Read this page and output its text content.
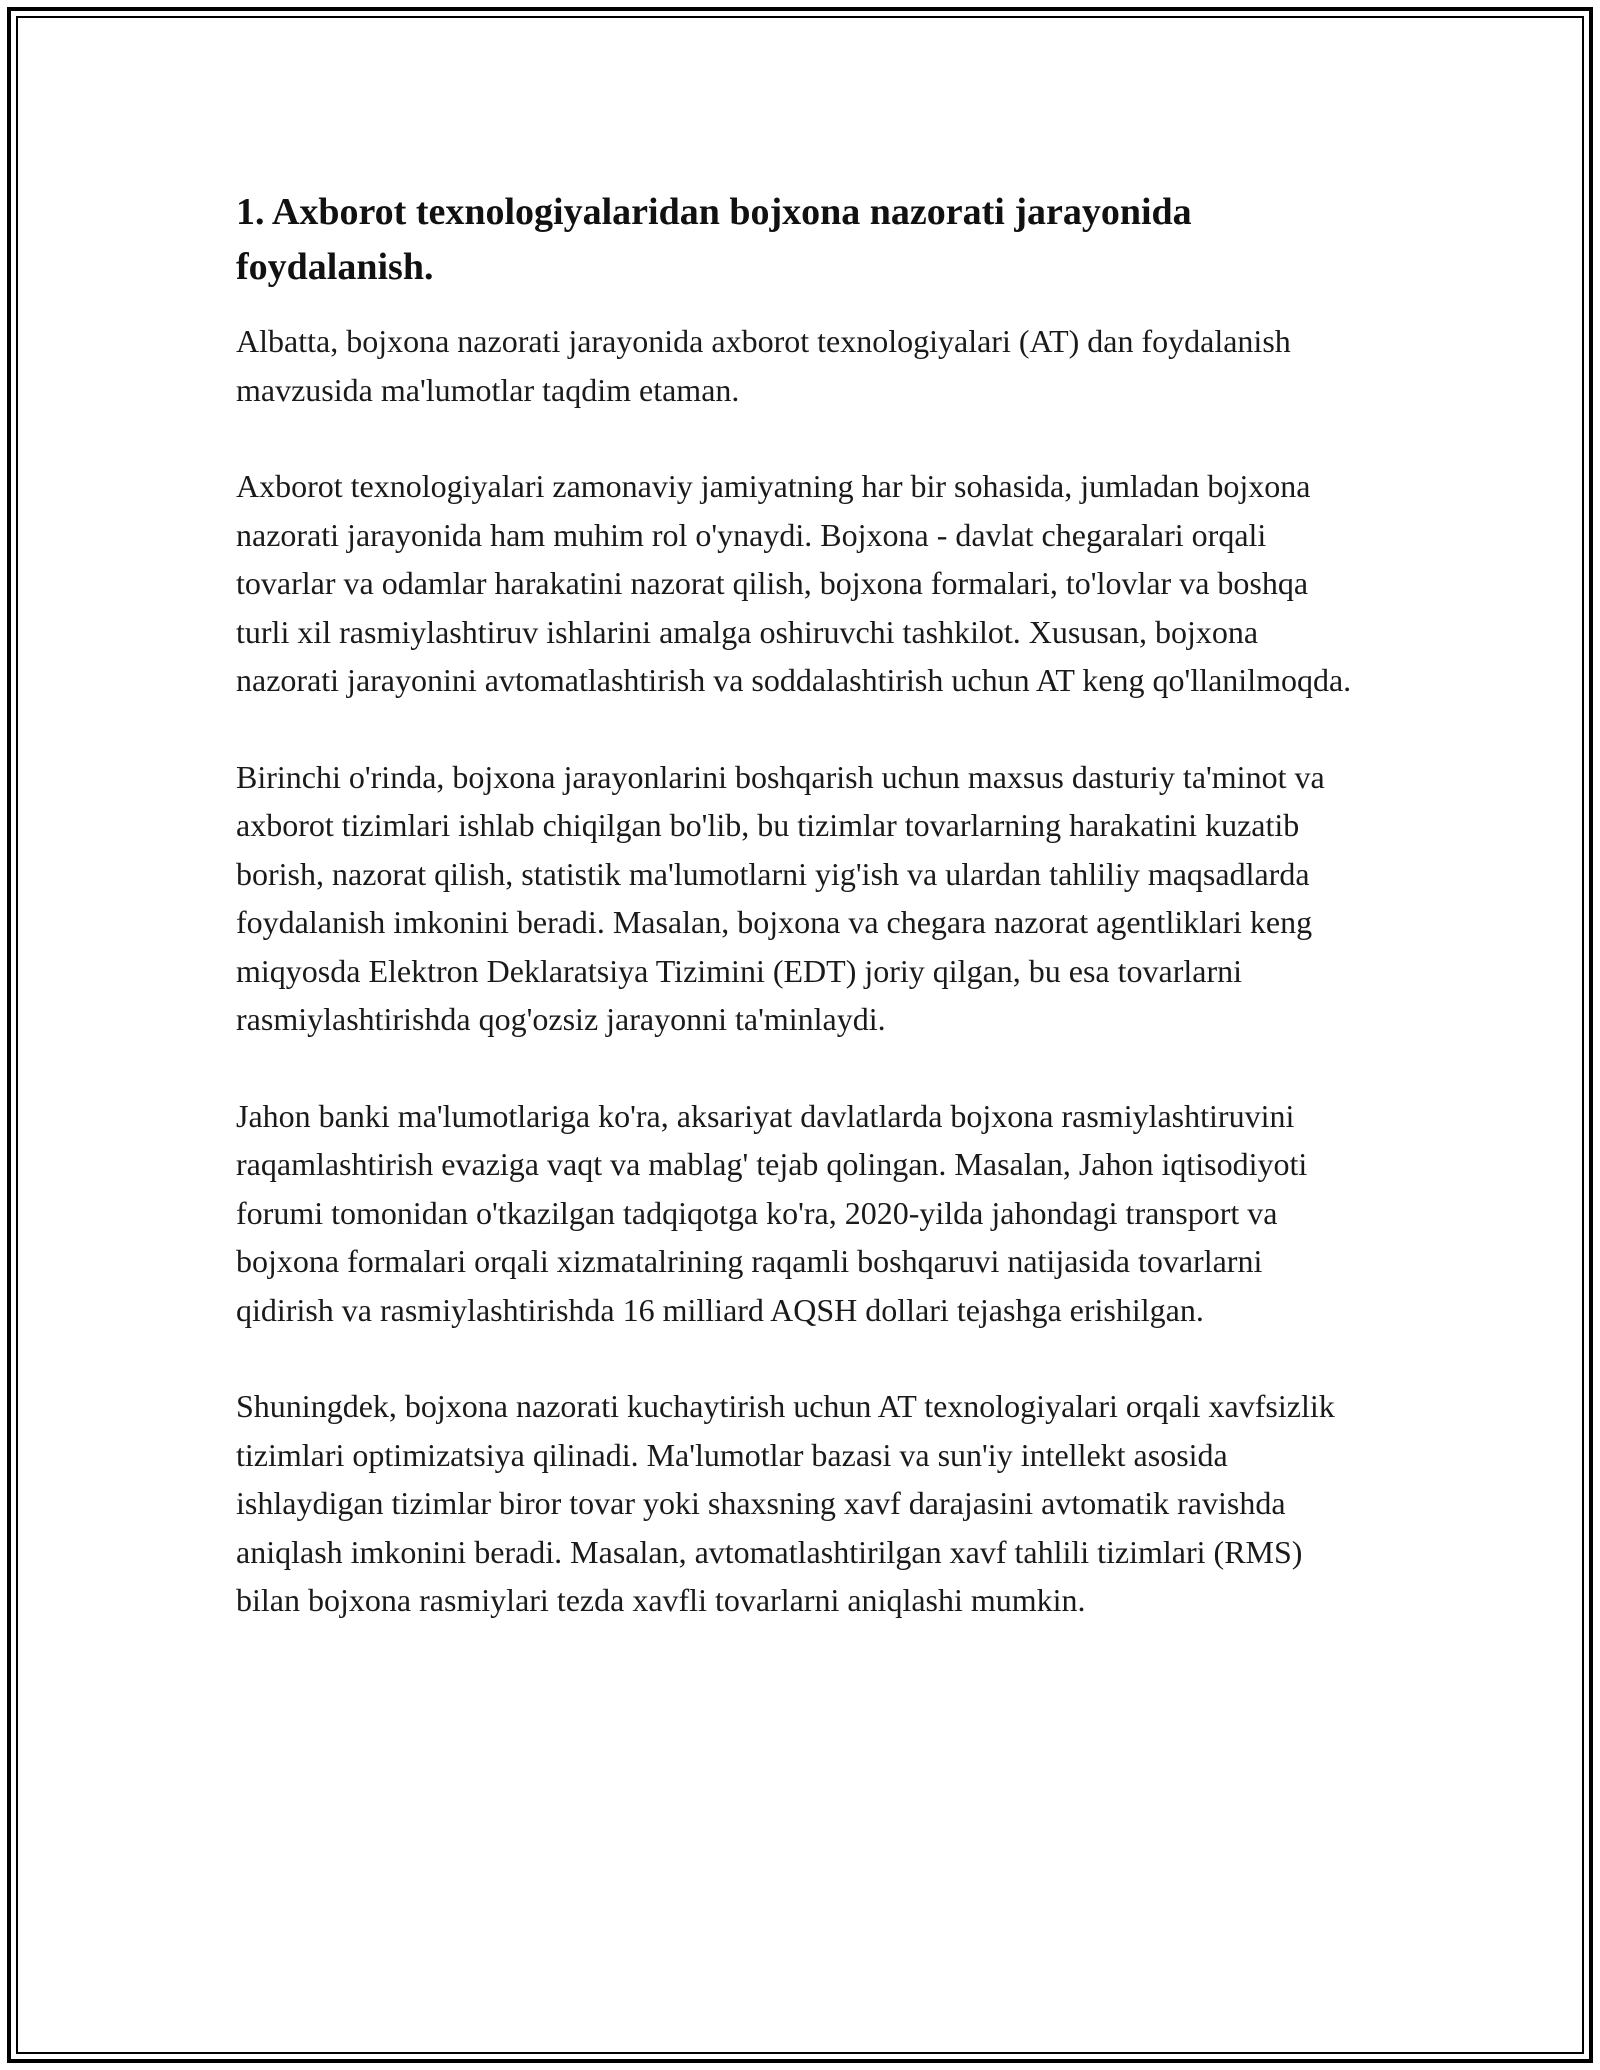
1. Axborot texnologiyalaridan bojxona nazorati jarayonida foydalanish.

Albatta, bojxona nazorati jarayonida axborot texnologiyalari (AT) dan foydalanish mavzusida ma'lumotlar taqdim etaman.

Axborot texnologiyalari zamonaviy jamiyatning har bir sohasida, jumladan bojxona nazorati jarayonida ham muhim rol o'ynaydi. Bojxona - davlat chegaralari orqali tovarlar va odamlar harakatini nazorat qilish, bojxona formalari, to'lovlar va boshqa turli xil rasmiylashtiruv ishlarini amalga oshiruvchi tashkilot. Xususan, bojxona nazorati jarayonini avtomatlashtirish va soddalashtirish uchun AT keng qo'llanilmoqda.

Birinchi o'rinda, bojxona jarayonlarini boshqarish uchun maxsus dasturiy ta'minot va axborot tizimlari ishlab chiqilgan bo'lib, bu tizimlar tovarlarning harakatini kuzatib borish, nazorat qilish, statistik ma'lumotlarni yig'ish va ulardan tahliliy maqsadlarda foydalanish imkonini beradi. Masalan, bojxona va chegara nazorat agentliklari keng miqyosda Elektron Deklaratsiya Tizimini (EDT) joriy qilgan, bu esa tovarlarni rasmiylashtirishda qog'ozsiz jarayonni ta'minlaydi.

Jahon banki ma'lumotlariga ko'ra, aksariyat davlatlarda bojxona rasmiylashtiruvini raqamlashtirish evaziga vaqt va mablag' tejab qolingan. Masalan, Jahon iqtisodiyoti forumi tomonidan o'tkazilgan tadqiqotga ko'ra, 2020-yilda jahondagi transport va bojxona formalari orqali xizmatalrining raqamli boshqaruvi natijasida tovarlarni qidirish va rasmiylashtirishda 16 milliard AQSH dollari tejashga erishilgan.

Shuningdek, bojxona nazorati kuchaytirish uchun AT texnologiyalari orqali xavfsizlik tizimlari optimizatsiya qilinadi. Ma'lumotlar bazasi va sun'iy intellekt asosida ishlaydigan tizimlar biror tovar yoki shaxsning xavf darajasini avtomatik ravishda aniqlash imkonini beradi. Masalan, avtomatlashtirilgan xavf tahlili tizimlari (RMS) bilan bojxona rasmiylari tezda xavfli tovarlarni aniqlashi mumkin.
